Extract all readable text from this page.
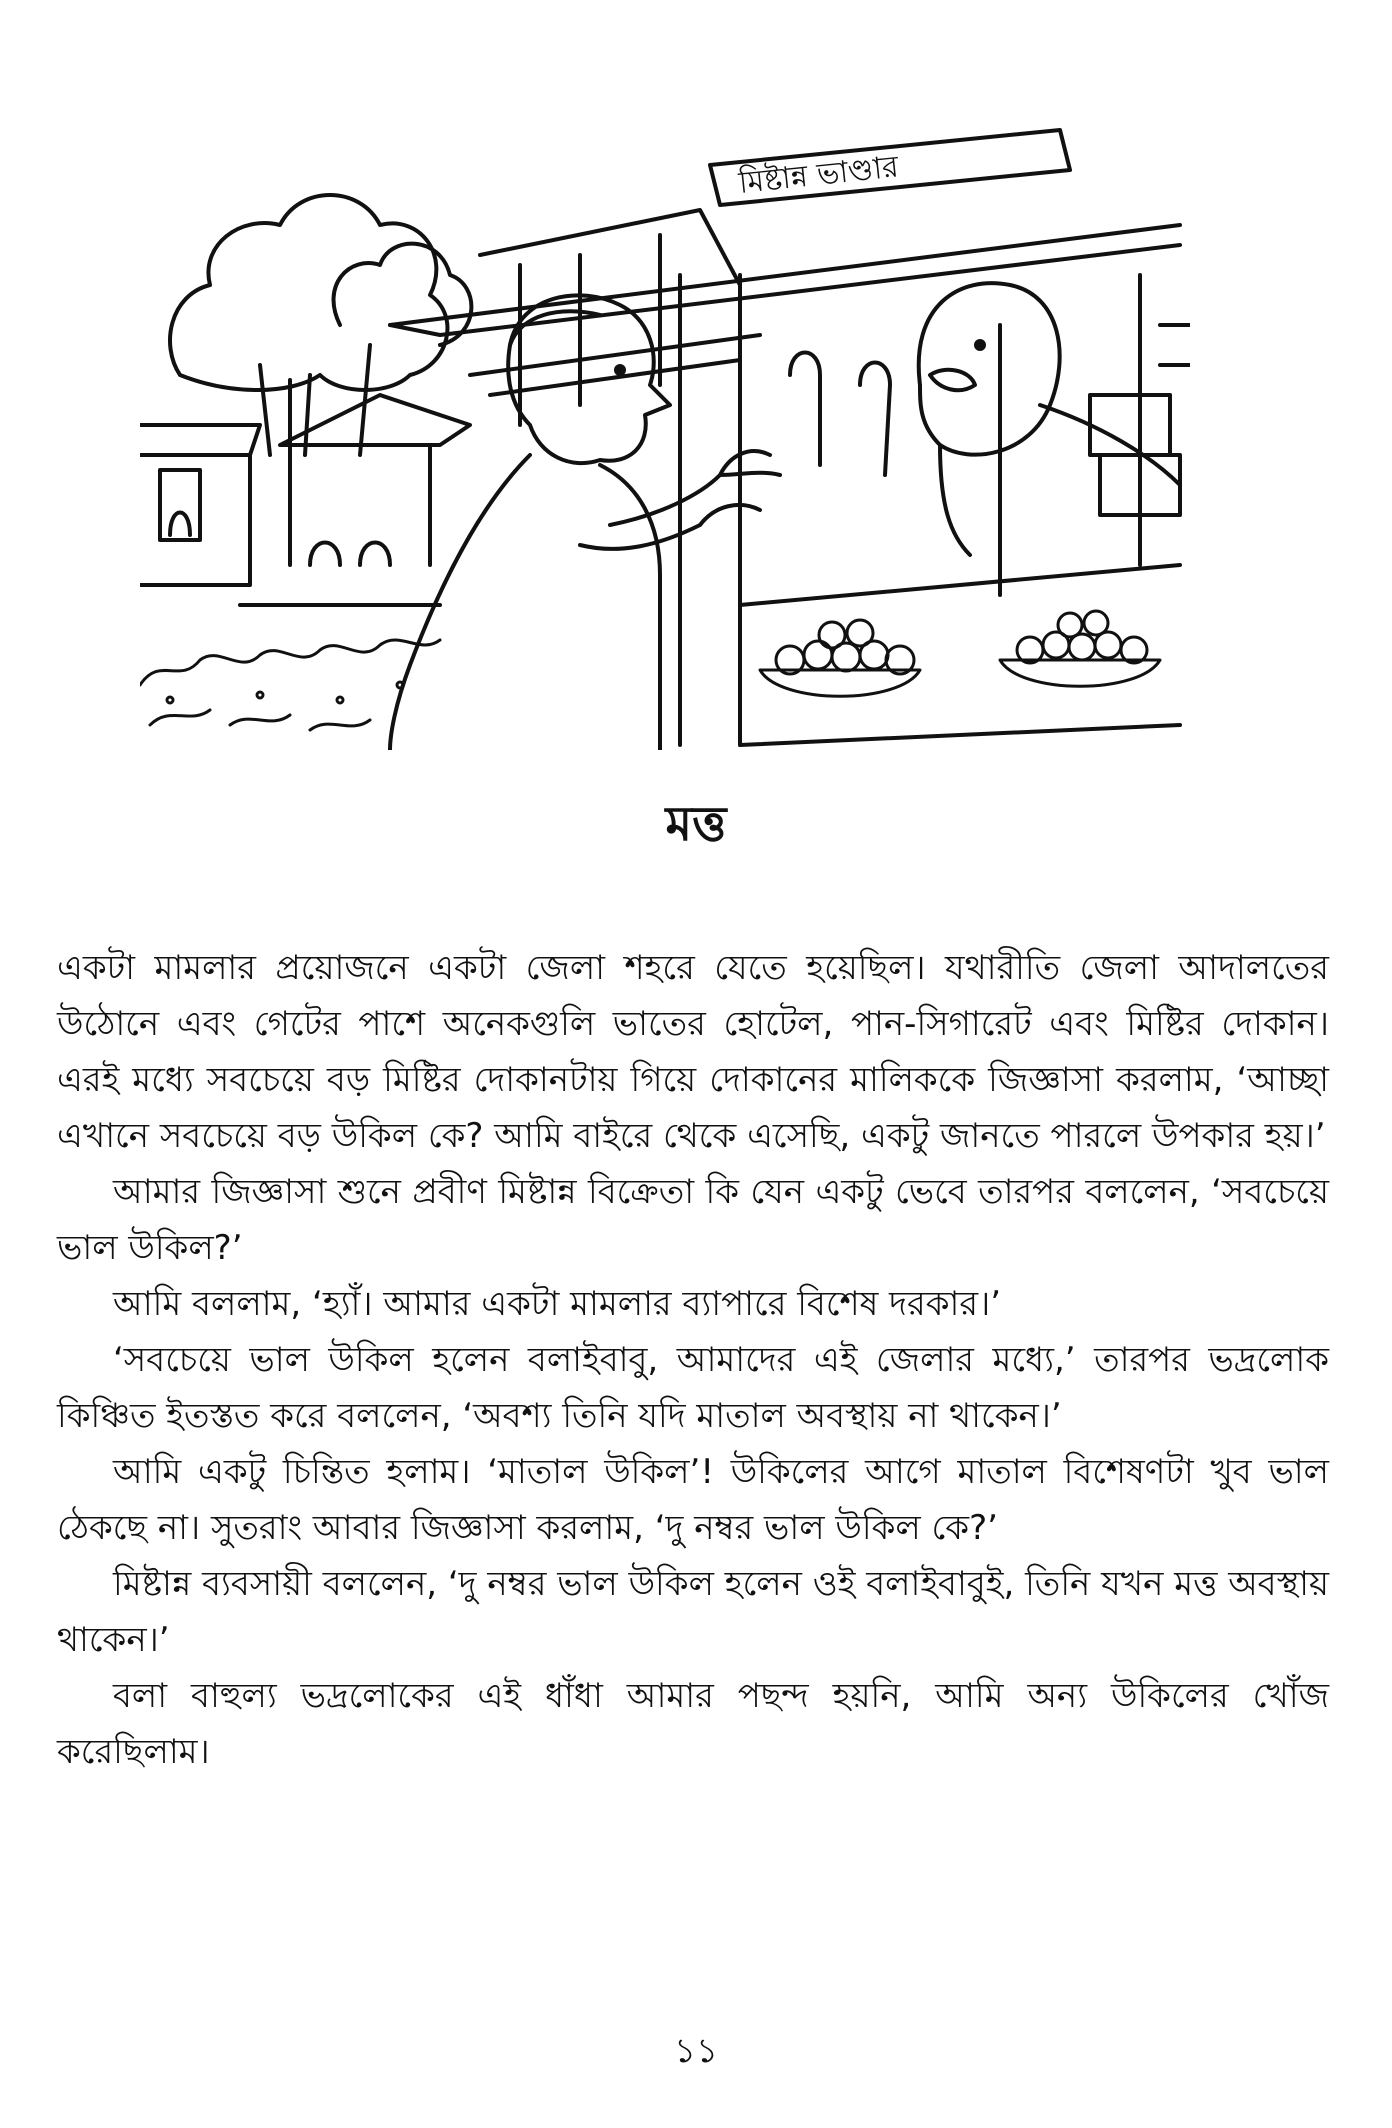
মিষ্টান্ন ভাণ্ডার
মত্ত

একটা মামলার প্রয়োজনে একটা জেলা শহরে যেতে হয়েছিল। যথারীতি জেলা আদালতের উঠোনে এবং গেটের পাশে অনেকগুলি ভাতের হোটেল, পান-সিগারেট এবং মিষ্টির দোকান। এরই মধ্যে সবচেয়ে বড় মিষ্টির দোকানটায় গিয়ে দোকানের মালিককে জিজ্ঞাসা করলাম, ‘আচ্ছা এখানে সবচেয়ে বড় উকিল কে? আমি বাইরে থেকে এসেছি, একটু জানতে পারলে উপকার হয়।’

আমার জিজ্ঞাসা শুনে প্রবীণ মিষ্টান্ন বিক্রেতা কি যেন একটু ভেবে তারপর বললেন, ‘সবচেয়ে ভাল উকিল?’

আমি বললাম, ‘হ্যাঁ। আমার একটা মামলার ব্যাপারে বিশেষ দরকার।’

‘সবচেয়ে ভাল উকিল হলেন বলাইবাবু, আমাদের এই জেলার মধ্যে,’ তারপর ভদ্রলোক কিঞ্চিত ইতস্তত করে বললেন, ‘অবশ্য তিনি যদি মাতাল অবস্থায় না থাকেন।’

আমি একটু চিন্তিত হলাম। ‘মাতাল উকিল’! উকিলের আগে মাতাল বিশেষণটা খুব ভাল ঠেকছে না। সুতরাং আবার জিজ্ঞাসা করলাম, ‘দু নম্বর ভাল উকিল কে?’

মিষ্টান্ন ব্যবসায়ী বললেন, ‘দু নম্বর ভাল উকিল হলেন ওই বলাইবাবুই, তিনি যখন মত্ত অবস্থায় থাকেন।’

বলা বাহুল্য ভদ্রলোকের এই ধাঁধা আমার পছন্দ হয়নি, আমি অন্য উকিলের খোঁজ করেছিলাম।

১১
